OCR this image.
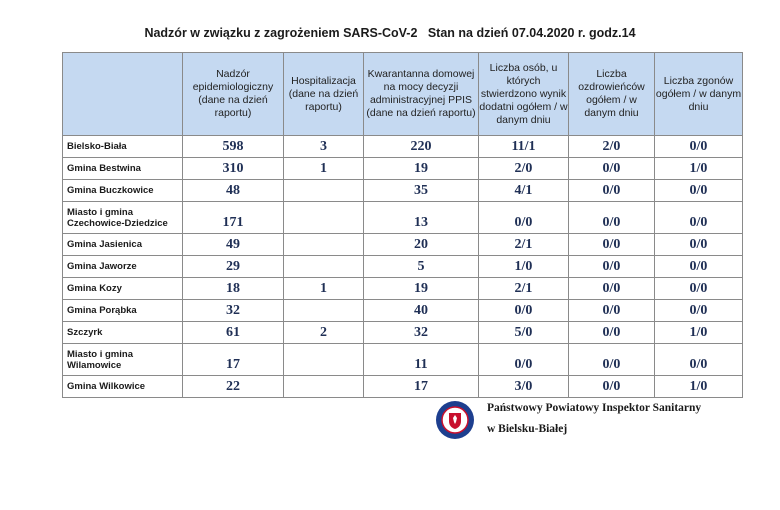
Nadzór w związku z zagrożeniem SARS-CoV-2   Stan na dzień 07.04.2020 r. godz.14
	Nadzór epidemiologiczny (dane na dzień raportu)	Hospitalizacja (dane na dzień raportu)	Kwarantanna domowej na mocy decyzji administracyjnej PPIS (dane na dzień raportu)	Liczba osób, u których stwierdzono wynik dodatni ogółem / w danym dniu	Liczba ozdrowieńców ogółem / w danym dniu	Liczba zgonów ogółem / w danym dniu
Bielsko-Biała	598	3	220	11/1	2/0	0/0
Gmina Bestwina	310	1	19	2/0	0/0	1/0
Gmina Buczkowice	48		35	4/1	0/0	0/0
Miasto i gmina Czechowice-Dziedzice	171		13	0/0	0/0	0/0
Gmina Jasienica	49		20	2/1	0/0	0/0
Gmina Jaworze	29		5	1/0	0/0	0/0
Gmina Kozy	18	1	19	2/1	0/0	0/0
Gmina Porąbka	32		40	0/0	0/0	0/0
Szczyrk	61	2	32	5/0	0/0	1/0
Miasto i gmina Wilamowice	17		11	0/0	0/0	0/0
Gmina Wilkowice	22		17	3/0	0/0	1/0
Państwowy Powiatowy Inspektor Sanitarny
w Bielsku-Białej
